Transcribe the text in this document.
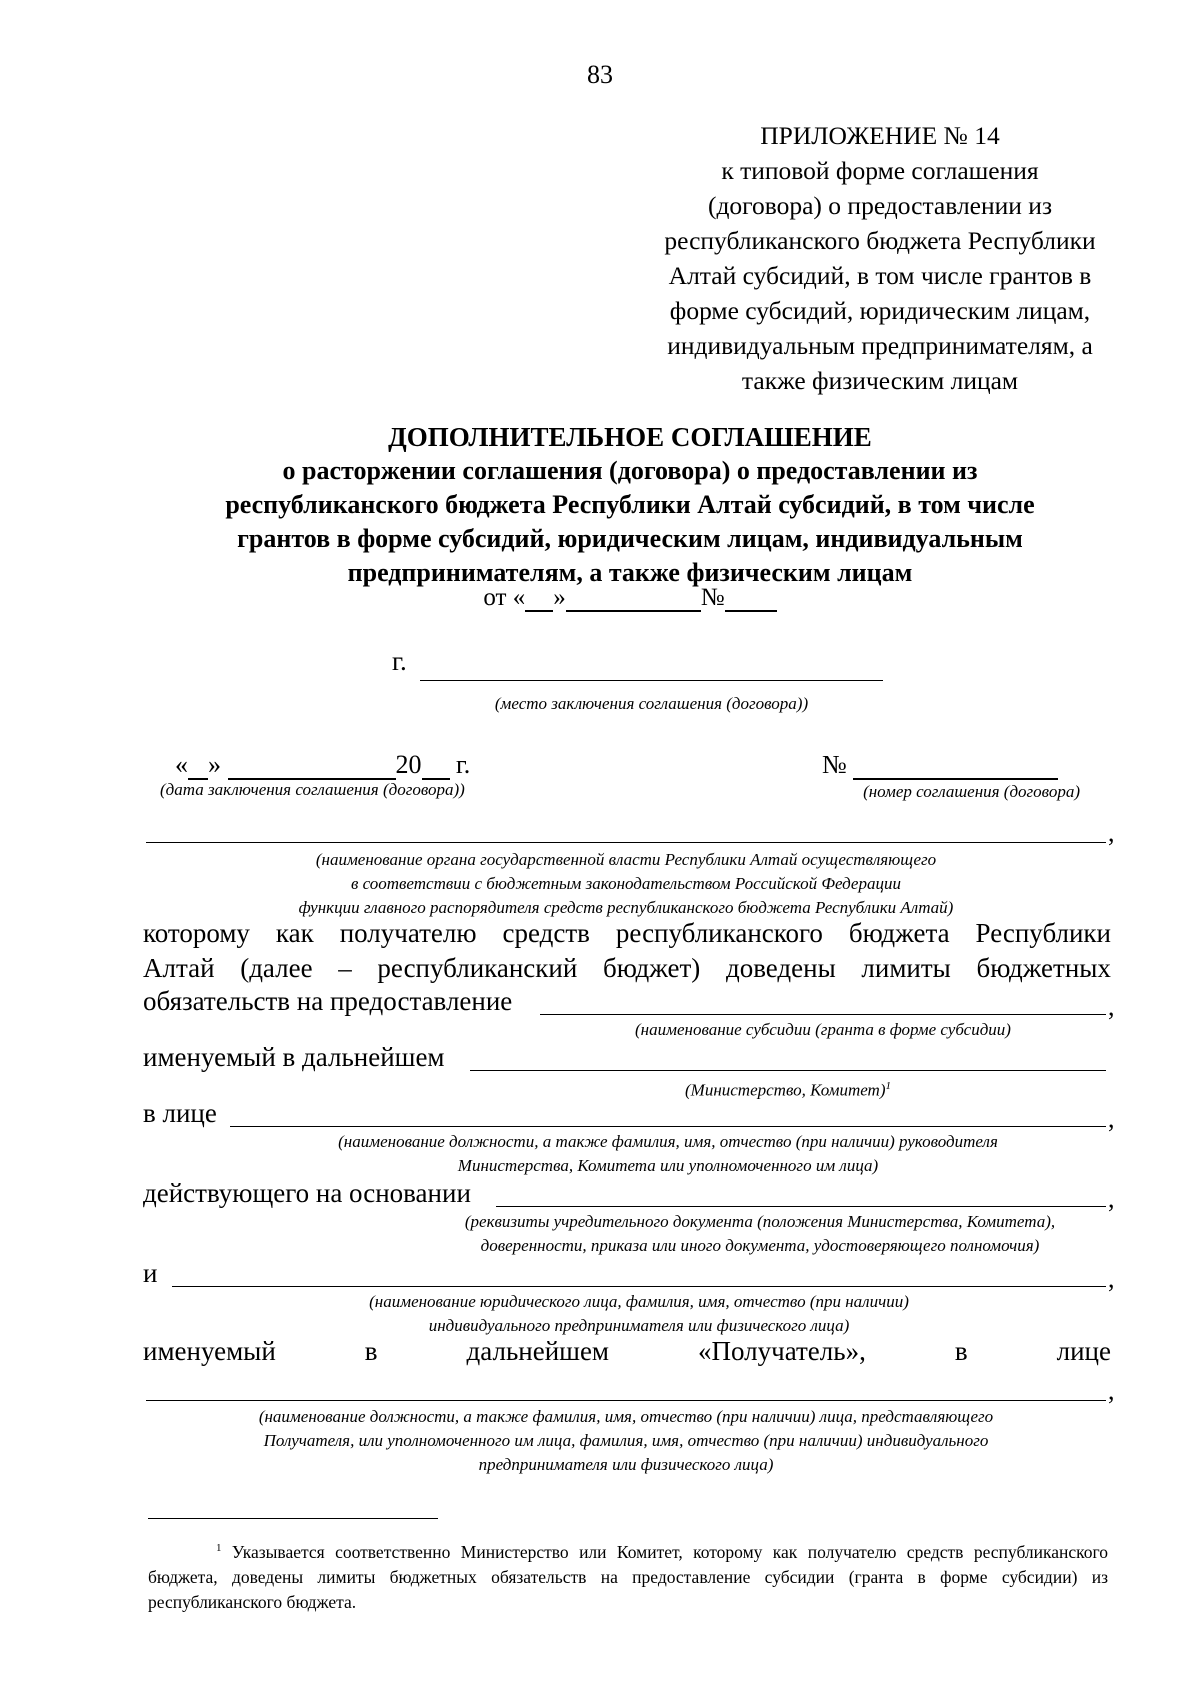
83
ПРИЛОЖЕНИЕ № 14
к типовой форме соглашения
(договора) о предоставлении из
республиканского бюджета Республики
Алтай субсидий, в том числе грантов в
форме субсидий, юридическим лицам,
индивидуальным предпринимателям, а
также физическим лицам
ДОПОЛНИТЕЛЬНОЕ СОГЛАШЕНИЕ
о расторжении соглашения (договора) о предоставлении из
республиканского бюджета Республики Алтай субсидий, в том числе
грантов в форме субсидий, юридическим лицам, индивидуальным
предпринимателям, а также физическим лицам
от « »	№
г.
(место заключения соглашения (договора))
« »	20 г.
(дата заключения соглашения (договора))
№
(номер соглашения (договора)
,
(наименование органа государственной власти Республики Алтай осуществляющего
в соответствии с бюджетным законодательством Российской Федерации
функции главного распорядителя средств республиканского бюджета Республики Алтай)
которому как получателю средств республиканского бюджета Республики
Алтай (далее – республиканский бюджет) доведены лимиты бюджетных
обязательств на предоставление	,
(наименование субсидии (гранта в форме субсидии)
именуемый в дальнейшем
(Министерство, Комитет)$^1$
в лице	,
(наименование должности, а также фамилия, имя, отчество (при наличии) руководителя
Министерства, Комитета или уполномоченного им лица)
действующего на основании	,
(реквизиты учредительного документа (положения Министерства, Комитета),
доверенности, приказа или иного документа, удостоверяющего полномочия)
и	,
(наименование юридического лица, фамилия, имя, отчество (при наличии)
индивидуального предпринимателя или физического лица)
именуемый	в	дальнейшем	«Получатель»,	в	лице
,
(наименование должности, а также фамилия, имя, отчество (при наличии) лица, представляющего
Получателя, или уполномоченного им лица, фамилия, имя, отчество (при наличии) индивидуального
предпринимателя или физического лица)
$^1$ Указывается соответственно Министерство или Комитет, которому как получателю средств республиканского бюджета, доведены лимиты бюджетных обязательств на предоставление субсидии (гранта в форме субсидии) из республиканского бюджета.
